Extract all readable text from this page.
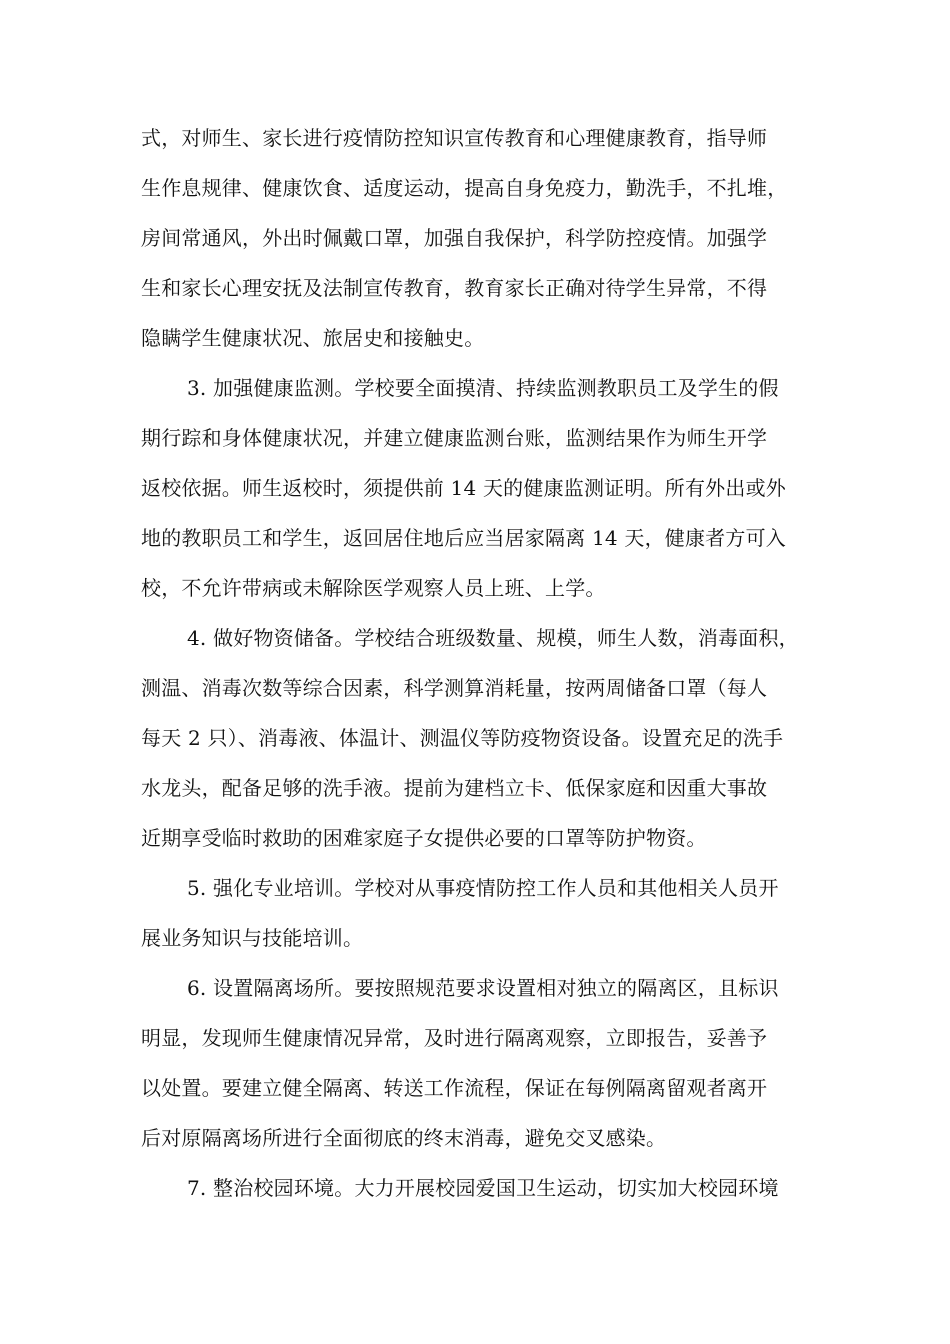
式，对师生、家长进行疫情防控知识宣传教育和心理健康教育，指导师
生作息规律、健康饮食、适度运动，提高自身免疫力，勤洗手，不扎堆，
房间常通风，外出时佩戴口罩，加强自我保护，科学防控疫情。加强学
生和家长心理安抚及法制宣传教育，教育家长正确对待学生异常，不得
隐瞒学生健康状况、旅居史和接触史。
3. 加强健康监测。学校要全面摸清、持续监测教职员工及学生的假
期行踪和身体健康状况，并建立健康监测台账，监测结果作为师生开学
返校依据。师生返校时，须提供前 14 天的健康监测证明。所有外出或外
地的教职员工和学生，返回居住地后应当居家隔离 14 天，健康者方可入
校，不允许带病或未解除医学观察人员上班、上学。
4. 做好物资储备。学校结合班级数量、规模，师生人数，消毒面积，
测温、消毒次数等综合因素，科学测算消耗量，按两周储备口罩（每人
每天 2 只）、消毒液、体温计、测温仪等防疫物资设备。设置充足的洗手
水龙头，配备足够的洗手液。提前为建档立卡、低保家庭和因重大事故
近期享受临时救助的困难家庭子女提供必要的口罩等防护物资。
5. 强化专业培训。学校对从事疫情防控工作人员和其他相关人员开
展业务知识与技能培训。
6. 设置隔离场所。要按照规范要求设置相对独立的隔离区，且标识
明显，发现师生健康情况异常，及时进行隔离观察，立即报告，妥善予
以处置。要建立健全隔离、转送工作流程，保证在每例隔离留观者离开
后对原隔离场所进行全面彻底的终末消毒，避免交叉感染。
7. 整治校园环境。大力开展校园爱国卫生运动，切实加大校园环境
